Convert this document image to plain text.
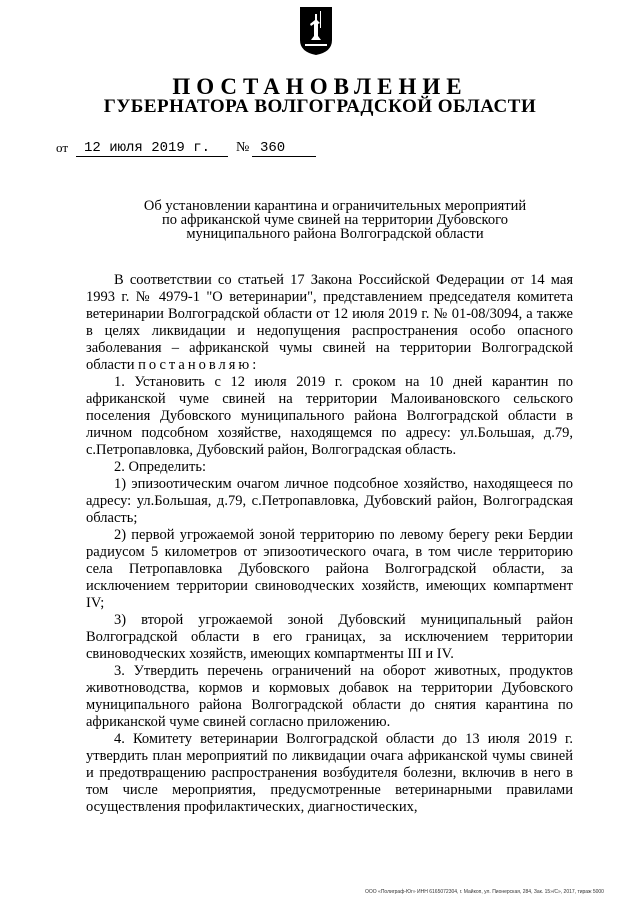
ПОСТАНОВЛЕНИЕ
ГУБЕРНАТОРА ВОЛГОГРАДСКОЙ ОБЛАСТИ
от 12 июля 2019 г. № 360
Об установлении карантина и ограничительных мероприятий
по африканской чуме свиней на территории Дубовского
муниципального района Волгоградской области

В соответствии со статьей 17 Закона Российской Федерации от 14 мая 1993 г. № 4979-1 "О ветеринарии", представлением председателя комитета ветеринарии Волгоградской области от 12 июля 2019 г. № 01-08/3094, а также в целях ликвидации и недопущения распространения особо опасного заболевания – африканской чумы свиней на территории Волгоградской области постановляю:

1. Установить с 12 июля 2019 г. сроком на 10 дней карантин по африканской чуме свиней на территории Малоивановского сельского поселения Дубовского муниципального района Волгоградской области в личном подсобном хозяйстве, находящемся по адресу: ул.Большая, д.79, с.Петропавловка, Дубовский район, Волгоградская область.

2. Определить:

1) эпизоотическим очагом личное подсобное хозяйство, находящееся по адресу: ул.Большая, д.79, с.Петропавловка, Дубовский район, Волгоградская область;

2) первой угрожаемой зоной территорию по левому берегу реки Бердии радиусом 5 километров от эпизоотического очага, в том числе территорию села Петропавловка Дубовского района Волгоградской области, за исключением территории свиноводческих хозяйств, имеющих компартмент IV;

3) второй угрожаемой зоной Дубовский муниципальный район Волгоградской области в его границах, за исключением территории свиноводческих хозяйств, имеющих компартменты III и IV.

3. Утвердить перечень ограничений на оборот животных, продуктов животноводства, кормов и кормовых добавок на территории Дубовского муниципального района Волгоградской области до снятия карантина по африканской чуме свиней согласно приложению.

4. Комитету ветеринарии Волгоградской области до 13 июля 2019 г. утвердить план мероприятий по ликвидации очага африканской чумы свиней и предотвращению распространения возбудителя болезни, включив в него в том числе мероприятия, предусмотренные ветеринарными правилами осуществления профилактических, диагностических,

ООО «Полиграф-Юг» ИНН 6165072304, г. Майкоп, ул. Пионерская, 284, Зак. 15»/С», 2017, тираж 5000
